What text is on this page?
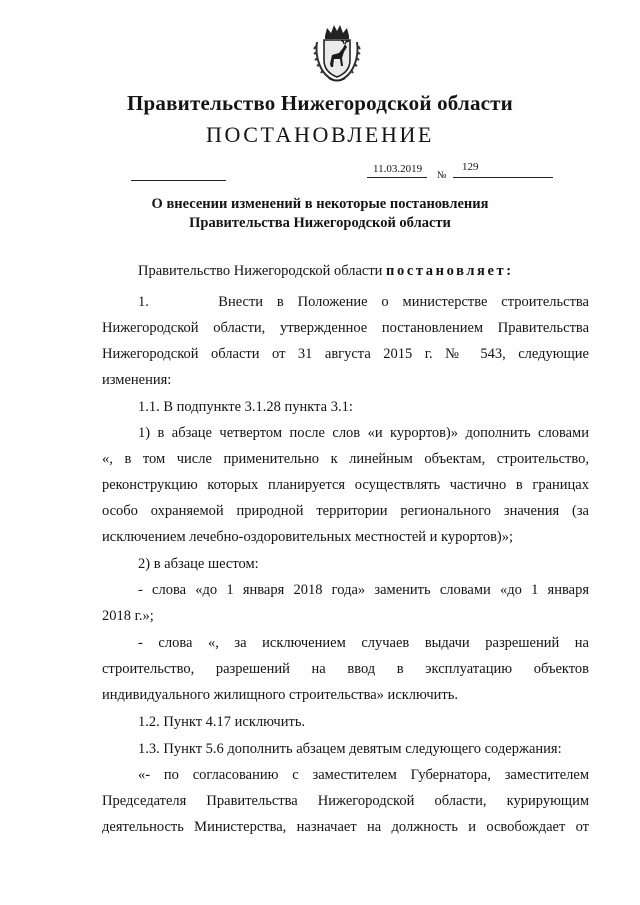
Правительство Нижегородской области
ПОСТАНОВЛЕНИЕ
11.03.2019
№
129
О внесении изменений в некоторые постановления
Правительства Нижегородской области
Правительство Нижегородской области постановляет:
1.     Внести в Положение о министерстве строительства
Нижегородской области, утвержденное постановлением Правительства
Нижегородской области от 31 августа 2015 г. № 543, следующие
изменения:
1.1. В подпункте 3.1.28 пункта 3.1:
1) в абзаце четвертом после слов «и курортов)» дополнить словами
«, в том числе применительно к линейным объектам, строительство,
реконструкцию которых планируется осуществлять частично в границах
особо охраняемой природной территории регионального значения (за
исключением лечебно-оздоровительных местностей и курортов)»;
2) в абзаце шестом:
- слова «до 1 января 2018 года» заменить словами «до 1 января
2018 г.»;
- слова «, за исключением случаев выдачи разрешений на
строительство, разрешений на ввод в эксплуатацию объектов
индивидуального жилищного строительства» исключить.
1.2. Пункт 4.17 исключить.
1.3. Пункт 5.6 дополнить абзацем девятым следующего содержания:
«- по согласованию с заместителем Губернатора, заместителем
Председателя Правительства Нижегородской области, курирующим
деятельность Министерства, назначает на должность и освобождает от
